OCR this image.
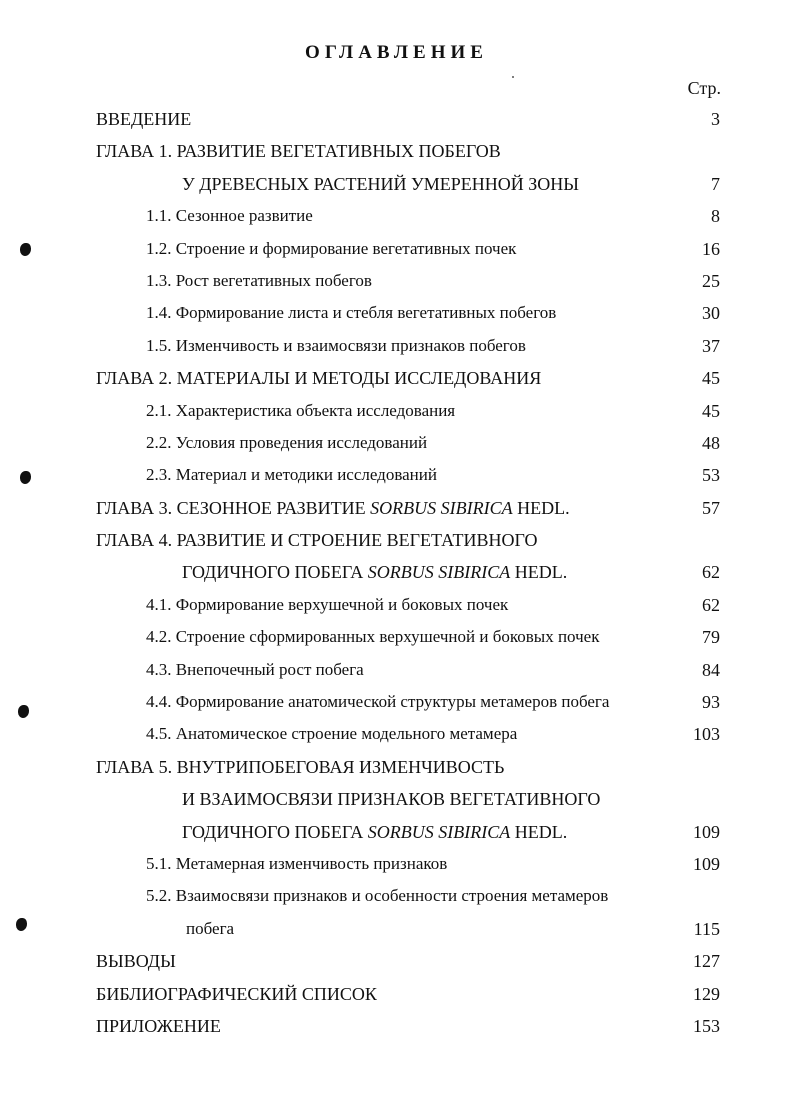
ОГЛАВЛЕНИЕ
Стр.
ВВЕДЕНИЕ	3
ГЛАВА 1. РАЗВИТИЕ ВЕГЕТАТИВНЫХ ПОБЕГОВ
У ДРЕВЕСНЫХ РАСТЕНИЙ УМЕРЕННОЙ ЗОНЫ	7
1.1. Сезонное развитие	8
1.2. Строение и формирование вегетативных почек	16
1.3. Рост вегетативных побегов	25
1.4. Формирование листа и стебля вегетативных побегов	30
1.5. Изменчивость и взаимосвязи признаков побегов	37
ГЛАВА 2. МАТЕРИАЛЫ И МЕТОДЫ ИССЛЕДОВАНИЯ	45
2.1. Характеристика объекта исследования	45
2.2. Условия проведения исследований	48
2.3. Материал и методики исследований	53
ГЛАВА 3. СЕЗОННОЕ РАЗВИТИЕ SORBUS SIBIRICA HEDL.	57
ГЛАВА 4. РАЗВИТИЕ И СТРОЕНИЕ ВЕГЕТАТИВНОГО
ГОДИЧНОГО ПОБЕГА SORBUS SIBIRICA HEDL.	62
4.1. Формирование верхушечной и боковых почек	62
4.2. Строение сформированных верхушечной и боковых почек	79
4.3. Внепочечный рост побега	84
4.4. Формирование анатомической структуры метамеров побега	93
4.5. Анатомическое строение модельного метамера	103
ГЛАВА 5. ВНУТРИПОБЕГОВАЯ ИЗМЕНЧИВОСТЬ
И ВЗАИМОСВЯЗИ ПРИЗНАКОВ ВЕГЕТАТИВНОГО
ГОДИЧНОГО ПОБЕГА SORBUS SIBIRICA HEDL.	109
5.1. Метамерная изменчивость признаков	109
5.2. Взаимосвязи признаков и особенности строения метамеров
побега	115
ВЫВОДЫ	127
БИБЛИОГРАФИЧЕСКИЙ СПИСОК	129
ПРИЛОЖЕНИЕ	153
